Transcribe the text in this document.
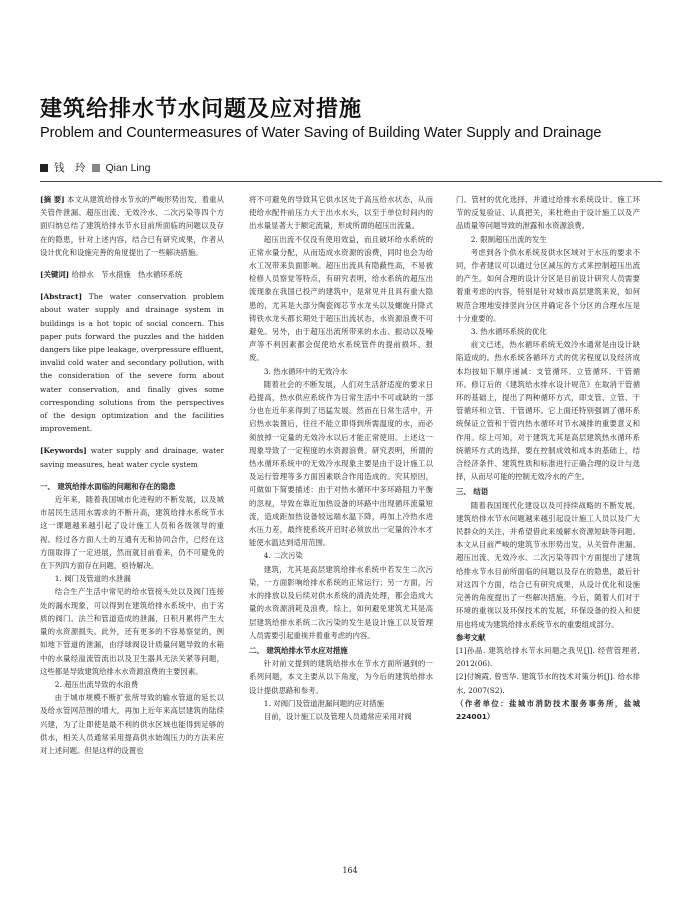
建筑给排水节水问题及应对措施
Problem and Countermeasures of Water Saving of Building Water Supply and Drainage
钱　玲 Qian Ling

[摘 要] 本文从建筑给排水节水的严峻形势出发，着重从关管件泄漏、超压出流、无效冷水、二次污染等四个方面归纳总结了建筑给排水节水目前所面临的问题以及存在的隐患，针对上述内容，结合已有研究成果，作者从设计优化和设施完善的角度提出了一些解决措施。

[关键词] 给排水　节水措施　热水循环系统

[Abstract] The water conservation problem about water supply and drainage system in buildings is a hot topic of social concern. This paper puts forward the puzzles and the hidden dangers like pipe leakage, overpressure effluent, invalid cold water and secondary pollution, with the consideration of the severe form about water conservation, and finally gives some corresponding solutions from the perspectives of the design optimization and the facilities improvement.

[Keywords] water supply and drainage, water saving measures, heat water cycle system

一、 建筑给排水面临的问题和存在的隐患

近年来，随着我国城市化进程的不断发展，以及城市居民生活用水需求的不断升高，建筑给排水系统节水这一课题越来越引起了设计施工人员和各级领导的重视。经过各方面人士的互通有无和协同合作，已经在这方面取得了一定进展，然而就目前看来，仍不可避免的在下列四方面存在问题，亟待解决。

1. 阀门及管道的水泄漏

结合生产生活中常见的给水管接头处以及阀门连接处的漏水现象，可以得到在建筑给排水系统中，由于劣质的阀门、法兰和管道造成的泄漏，日积月累将产生大量的水资源损失。此外，还有更多的不容易察觉的，例如地下管道的泄漏，由浮球阀设计质量问题导致的水箱中的水量经溢流管流出以及卫生器具无法关紧等问题，这些都是导致建筑给排水水资源浪费的主要因素。

2. 超压出流导致的水浪费

由于城市规模不断扩张所导致的输水管道的延长以及给水管网范围的增大，再加上近年来高层建筑的陆续兴建，为了让即使是最不利的供水区域也能得到足够的供水，相关人员通常采用提高供水始端压力的方法来应对上述问题。但是这样的设置也

将不可避免的导致其它供水区处于高压给水状态，从而使给水配件前压力大于出水水头，以至于单位时间内的出水量显著大于额定流量，形成所谓的超压出流量。

超压出流不仅没有使用效益，而且破坏给水系统的正常水量分配，从而造成水资源的浪费，同时也会为给水工况带来负面影响。超压出流具有隐蔽性高，不易被检修人员察觉等特点，有研究表明，给水系统的超压出流现象在我国已投产的建筑中，是常见并且具有重大隐患的，尤其是大部分陶瓷阀芯节水龙头以及螺旋升降式铸铁水龙头都长期处于超压出流状态，水资源浪费不可避免。另外，由于超压出流所带来的水击、振动以及噪声等不利因素都会促使给水系统管件的提前损坏、报废。

3. 热水循环中的无效冷水

随着社会的不断发展，人们对生活舒适度的要求日趋提高，热水供应系统作为日常生活中不可或缺的一部分也在近年来得到了迅猛发展。然而在日常生活中，开启热水装置后，往往不能立即得到所需温度的水，而必须放掉一定量的无效冷水以后才能正常使用。上述这一现象导致了一定程度的水资源浪费。研究表明，所谓的热水循环系统中的无效冷水现象主要是由于设计施工以及运行管理等多方面因素联合作用造成的。究其原因，可做如下简要描述：由于对热水循环中多环路阻力平衡的忽视，导致在靠近加热设备的环路中出现循环流量短流，造成距加热设备较远端水温下降，再加上冷热水进水压力差，最终使系统开启时必须放出一定量的冷水才能使水温达到适用范围。

4. 二次污染

建筑，尤其是高层建筑给排水系统中若发生二次污染，一方面影响给排水系统的正常运行；另一方面，污水的排放以及后续对供水系统的清洗处理，都会造成大量的水资源消耗及浪费。综上，如何避免建筑尤其是高层建筑给排水系统二次污染的发生是设计施工以及管理人员需要引起重视并着重考虑的内容。

二、 建筑给排水节水应对措施

针对前文提到的建筑给排水在节水方面所遇到的一系列问题，本文主要从以下角度，为今后的建筑给排水设计提供思路和参考。

1. 对阀门及管道泄漏问题的应对措施

目前，设计施工以及管理人员通常应采用对阀

门、管材的优化选择，并通过给排水系统设计、施工环节的反复验证、认真把关，来杜绝由于设计施工以及产品质量等问题导致的泄露和水资源浪费。

2. 限制超压出流的发生

考虑到各个供水系统及供水区域对于水压的要求不同，作者建议可以通过分区减压的方式来控制超压出流的产生。如何合理的设计分区是目前设计研究人员需要着重考虑的内容，特别是针对城市高层建筑来说，如何规范合理地安排竖向分区并确定各个分区的合理水压是十分重要的。

3. 热水循环系统的优化

前文已述，热水循环系统无效冷水通常是由设计缺陷造成的。热水系统各循环方式的优劣程度以及经济成本均按如下顺序递减：支管循环、立管循环、干管循环。修订后的《建筑给水排水设计规范》在取消干管循环的基础上，提出了两种循环方式，即支管、立管、干管循环和立管、干管循环。它上面还特别强调了循环系统保证立管和干管内热水循环对节水减排的重要意义和作用。综上可知，对于建筑尤其是高层建筑热水循环系统循环方式的选择，要在控制成效和成本的基础上，结合经济条件、建筑性质和标准进行正确合理的设计与选择，从而尽可能的控制无效冷水的产生。

三、 结语

随着我国现代化建设以及可持续战略的不断发展，建筑给排水节水问题越来越引起设计施工人员以及广大民群众的关注，并希望借此来缓解水资源短缺等问题。本文从目前严峻的建筑节水形势出发，从关管件泄漏、超压出流、无效冷水、二次污染等四个方面提出了建筑给排水节水目前所面临的问题以及存在的隐患，最后针对这四个方面，结合已有研究成果，从设计优化和设施完善的角度提出了一些解决措施。今后，随着人们对于环境的重视以及环保技术的发展，环保设备的投入和使用也将成为建筑给排水系统节水的重要组成部分。

参考文献

[1]孙晶. 建筑给排水节水问题之我见[J]. 经营管理者, 2012(06).

[2]付婉霞, 曾雪华. 建筑节水的技术对策分析[J]. 给水排水, 2007(S2).

（作者单位：盐城市消防技术服务事务所，盐城 224001）

164
